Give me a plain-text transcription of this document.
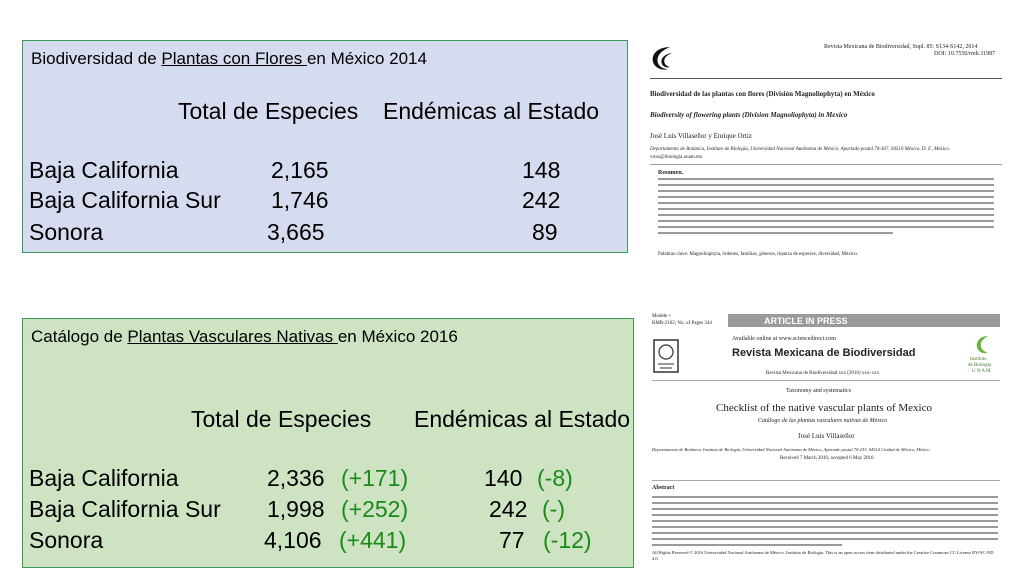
Biodiversidad de Plantas con Flores en México 2014
Total de Especies Endémicas al Estado
Baja California	2,165	148
Baja California Sur 1,746	242
Sonora	3,665	89
Catálogo de Plantas Vasculares Nativas en México 2016
Total de Especies Endémicas al Estado
Baja California	2,336 (+171)	140 (-8)
Baja California Sur 1,998 (+252)	242 (-)
Sonora	4,106 (+441)	77 (-12)
Revista Mexicana de Biodiversidad, Supl. 85: S134-S142, 2014
DOI: 10.7550/rmb.31987
Biodiversidad de las plantas con flores (División Magnoliophyta) en México
Biodiversity of flowering plants (Division Magnoliophyta) in Mexico
José Luis Villaseñor y Enrique Ortiz
Departamento de Botánica, Instituto de Biología, Universidad Nacional Autónoma de México, Apartado postal 70-367, 04510 México, D. F., México.
vrios@ibiologia.unam.mx
Resumen.
Palabras clave: Magnoliophyta, órdenes, familias, géneros, riqueza de especies, diversidad, México.
Modele +
RMB-2162; No. of Pages 344	ARTICLE IN PRESS
Available online at www.sciencedirect.com
Revista Mexicana de Biodiversidad
Revista Mexicana de Biodiversidad xxx (2016) xxx–xxx
Instituto
de Biología
U N A M
Taxonomy and systematics
Checklist of the native vascular plants of Mexico
Catálogo de las plantas vasculares nativas de México
José Luis Villaseñor
Departamento de Botánica, Instituto de Biología, Universidad Nacional Autónoma de México, Apartado postal 70-233, 04510 Ciudad de México, México
Received 7 March 2016; accepted 6 May 2016
Abstract
All Rights Reserved © 2016 Universidad Nacional Autónoma de México, Instituto de Biología. This is an open access item distributed under the Creative Commons CC License BY-NC-ND 4.0.
